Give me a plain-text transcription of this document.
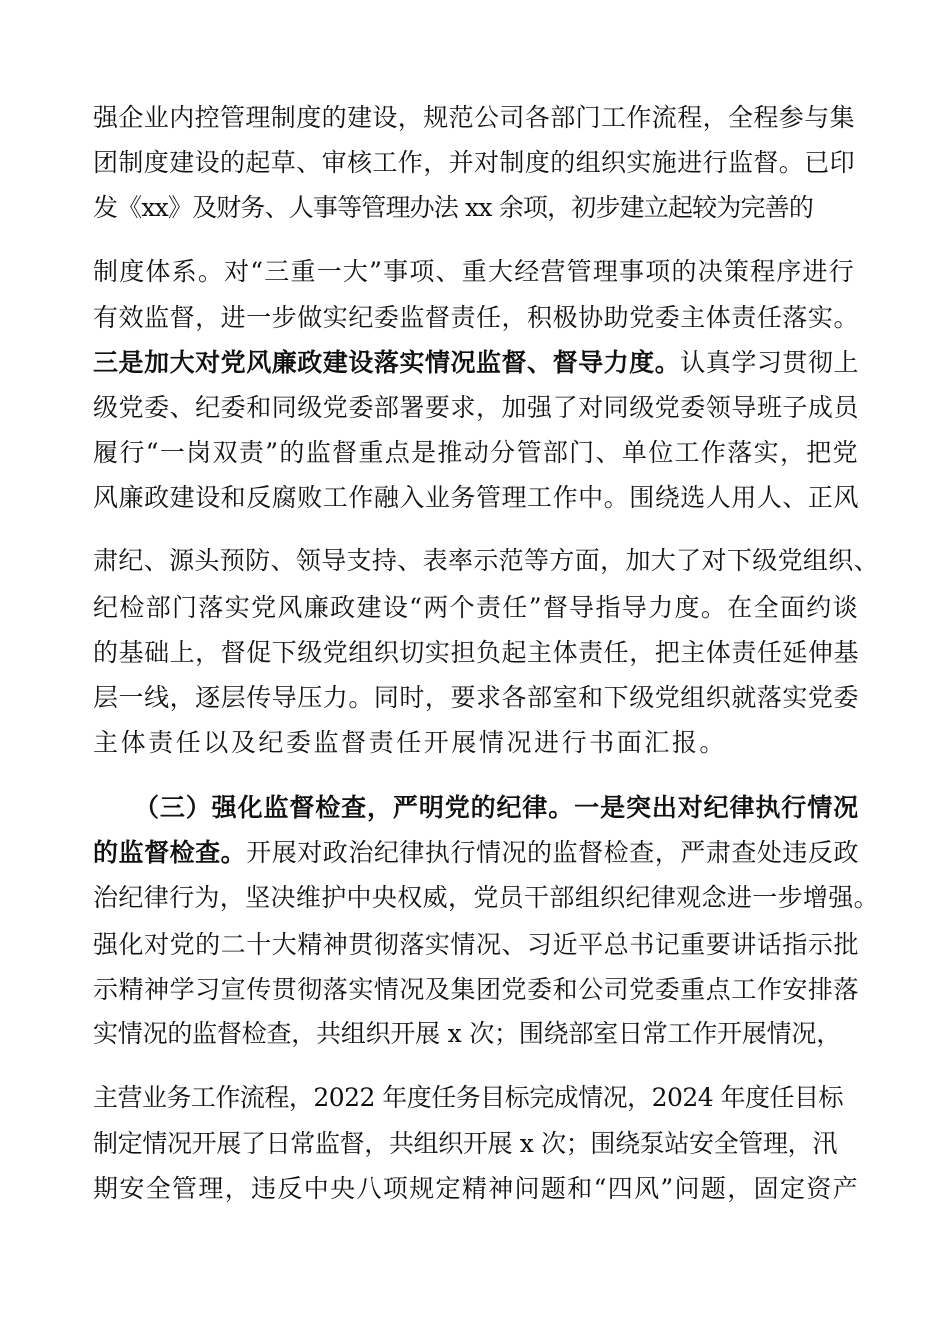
强企业内控管理制度的建设，规范公司各部门工作流程，全程参与集
团制度建设的起草、审核工作，并对制度的组织实施进行监督。已印
发《xx》及财务、人事等管理办法 xx 余项，初步建立起较为完善的
制度体系。对“三重一大”事项、重大经营管理事项的决策程序进行
有效监督，进一步做实纪委监督责任，积极协助党委主体责任落实。
三是加大对党风廉政建设落实情况监督、督导力度。认真学习贯彻上
级党委、纪委和同级党委部署要求，加强了对同级党委领导班子成员
履行“一岗双责”的监督重点是推动分管部门、单位工作落实，把党
风廉政建设和反腐败工作融入业务管理工作中。围绕选人用人、正风
肃纪、源头预防、领导支持、表率示范等方面，加大了对下级党组织、
纪检部门落实党风廉政建设“两个责任”督导指导力度。在全面约谈
的基础上，督促下级党组织切实担负起主体责任，把主体责任延伸基
层一线，逐层传导压力。同时，要求各部室和下级党组织就落实党委
主体责任以及纪委监督责任开展情况进行书面汇报。
（三）强化监督检查，严明党的纪律。一是突出对纪律执行情况
的监督检查。开展对政治纪律执行情况的监督检查，严肃查处违反政
治纪律行为，坚决维护中央权威，党员干部组织纪律观念进一步增强。
强化对党的二十大精神贯彻落实情况、习近平总书记重要讲话指示批
示精神学习宣传贯彻落实情况及集团党委和公司党委重点工作安排落
实情况的监督检查，共组织开展 x 次；围绕部室日常工作开展情况，
主营业务工作流程，2022 年度任务目标完成情况，2024 年度任目标
制定情况开展了日常监督，共组织开展 x 次；围绕泵站安全管理，汛
期安全管理，违反中央八项规定精神问题和“四风”问题，固定资产
